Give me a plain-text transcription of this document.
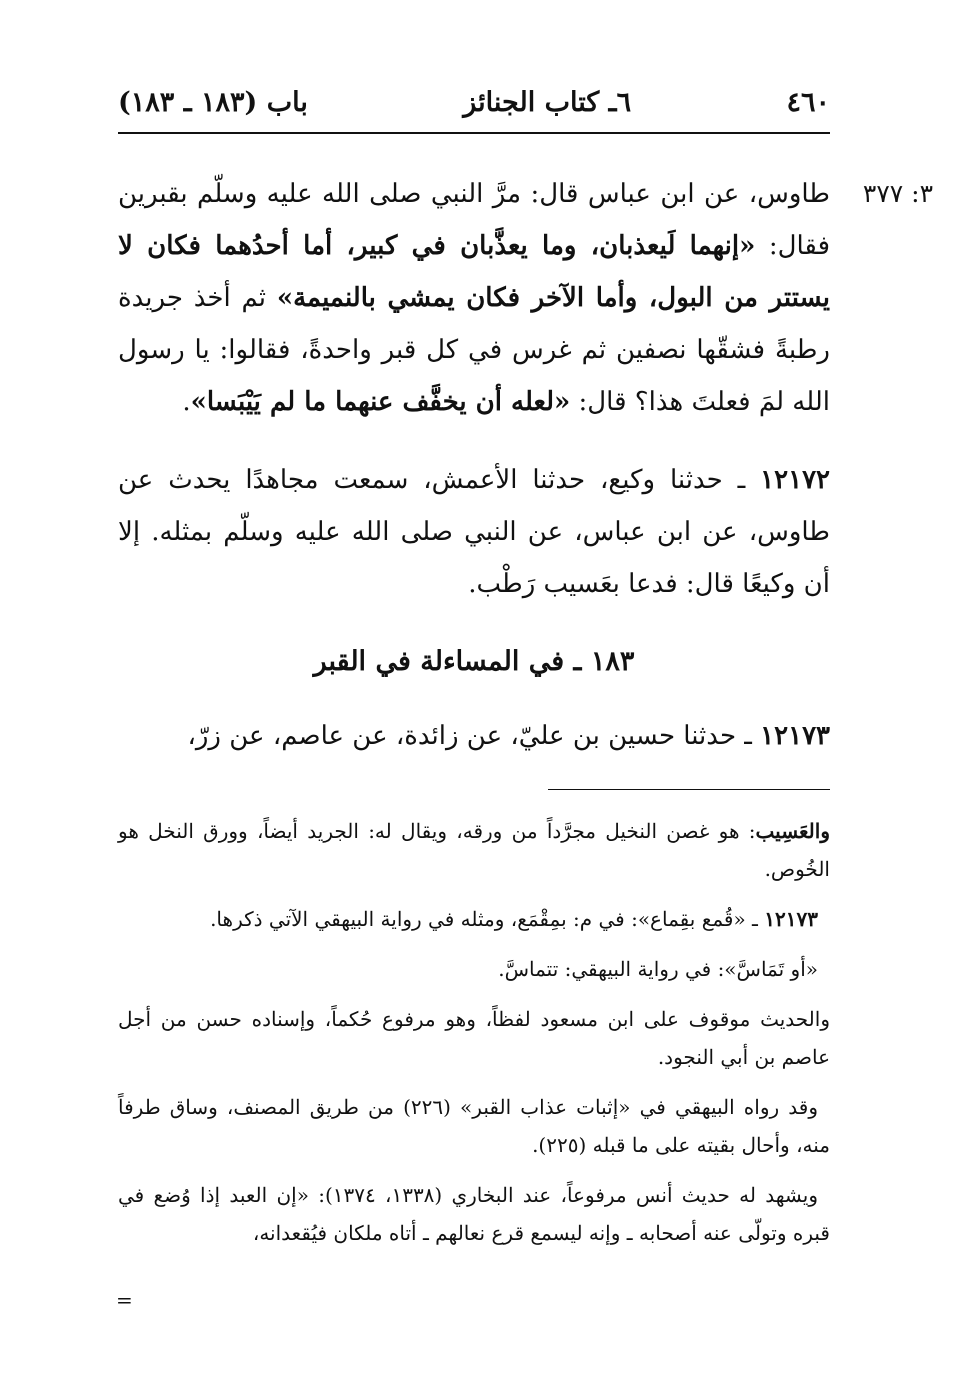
٤٦٠
٦ـ كتاب الجنائز
باب (١٨٣ ـ ١٨٣)
٣: ٣٧٧

طاوس، عن ابن عباس قال: مرَّ النبي صلى الله عليه وسلّم بقبرين فقال: «إنهما لَيعذبان، وما يعذَّبان في كبير، أما أحدُهما فكان لا يستتر من البول، وأما الآخر فكان يمشي بالنميمة» ثم أخذ جريدة رطبةً فشقّها نصفين ثم غرس في كل قبر واحدةً، فقالوا: يا رسول الله لمَ فعلتَ هذا؟ قال: «لعله أن يخفَّف عنهما ما لم يَيْبَسا».

١٢١٧٢ ـ حدثنا وكيع، حدثنا الأعمش، سمعت مجاهدًا يحدث عن طاوس، عن ابن عباس، عن النبي صلى الله عليه وسلّم بمثله. إلا أن وكيعًا قال: فدعا بعَسيب رَطْب.

١٨٣ ـ في المساءلة في القبر

١٢١٧٣ ـ حدثنا حسين بن عليّ، عن زائدة، عن عاصم، عن زرّ،

والعَسِيب: هو غصن النخيل مجرَّداً من ورقه، ويقال له: الجريد أيضاً، وورق النخل هو الخُوص.

١٢١٧٣ ـ «قُمع بقِماع»: في م: بمِقْمَع، ومثله في رواية البيهقي الآتي ذكرها.

«أو تَمَاسَّ»: في رواية البيهقي: تتماسَّ.

والحديث موقوف على ابن مسعود لفظاً، وهو مرفوع حُكماً، وإسناده حسن من أجل عاصم بن أبي النجود.

وقد رواه البيهقي في «إثبات عذاب القبر» (٢٢٦) من طريق المصنف، وساق طرفاً منه، وأحال بقيته على ما قبله (٢٢٥).

ويشهد له حديث أنس مرفوعاً، عند البخاري (١٣٣٨، ١٣٧٤): «إن العبد إذا وُضع في قبره وتولّى عنه أصحابه ـ وإنه ليسمع قرع نعالهم ـ أتاه ملكان فيُقعدانه،

=
